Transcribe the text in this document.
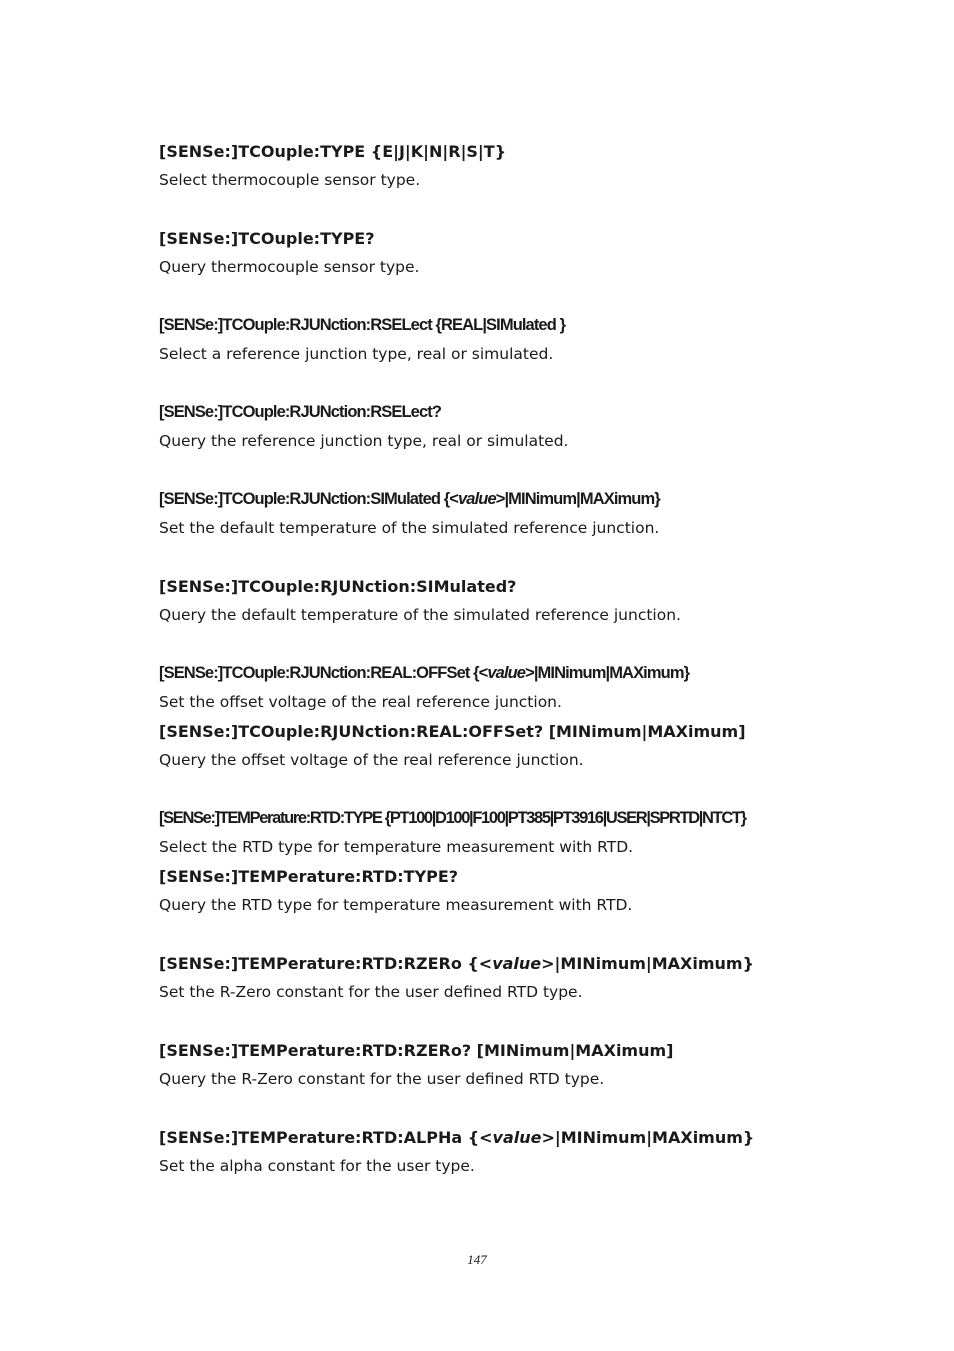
[SENSe:]TCOuple:TYPE {E|J|K|N|R|S|T}
Select thermocouple sensor type.
[SENSe:]TCOuple:TYPE?
Query thermocouple sensor type.
[SENSe:]TCOuple:RJUNction:RSELect {REAL|SIMulated }
Select a reference junction type, real or simulated.
[SENSe:]TCOuple:RJUNction:RSELect?
Query the reference junction type, real or simulated.
[SENSe:]TCOuple:RJUNction:SIMulated {<value>|MINimum|MAXimum}
Set the default temperature of the simulated reference junction.
[SENSe:]TCOuple:RJUNction:SIMulated?
Query the default temperature of the simulated reference junction.
[SENSe:]TCOuple:RJUNction:REAL:OFFSet {<value>|MINimum|MAXimum}
Set the offset voltage of the real reference junction.
[SENSe:]TCOuple:RJUNction:REAL:OFFSet? [MINimum|MAXimum]
Query the offset voltage of the real reference junction.
[SENSe:]TEMPerature:RTD:TYPE {PT100|D100|F100|PT385|PT3916|USER|SPRTD|NTCT}
Select the RTD type for temperature measurement with RTD.
[SENSe:]TEMPerature:RTD:TYPE?
Query the RTD type for temperature measurement with RTD.
[SENSe:]TEMPerature:RTD:RZERo {<value>|MINimum|MAXimum}
Set the R-Zero constant for the user defined RTD type.
[SENSe:]TEMPerature:RTD:RZERo? [MINimum|MAXimum]
Query the R-Zero constant for the user defined RTD type.
[SENSe:]TEMPerature:RTD:ALPHa {<value>|MINimum|MAXimum}
Set the alpha constant for the user type.
147
